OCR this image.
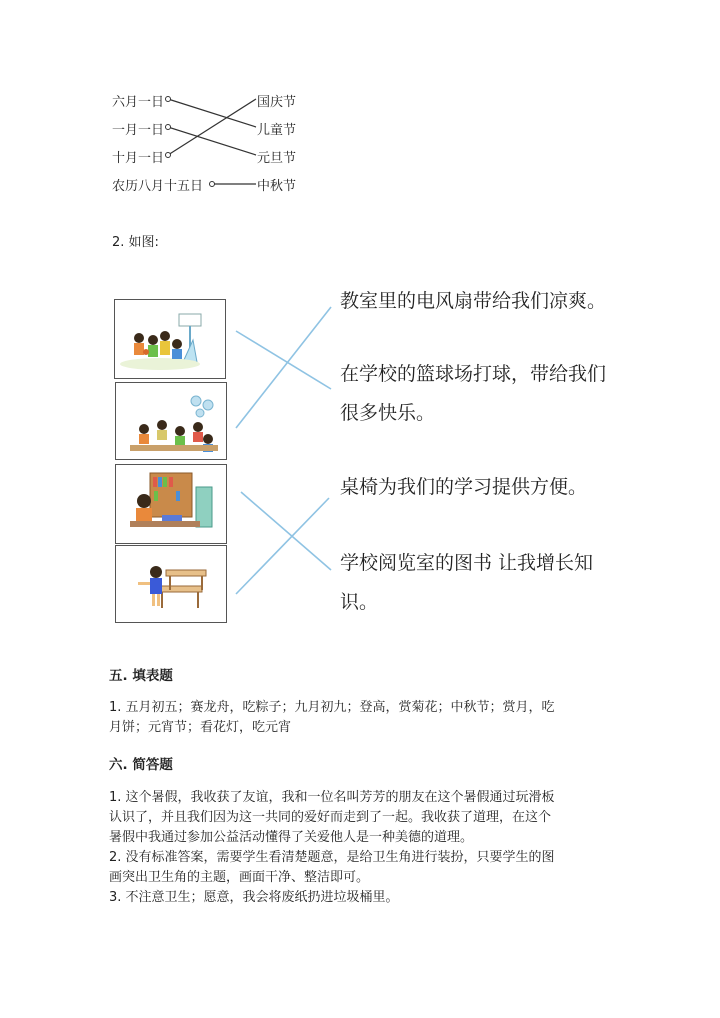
六月一日
一月一日
十月一日
农历八月十五日
国庆节
儿童节
元旦节
中秋节
2. 如图:
教室里的电风扇带给我们凉爽。
在学校的篮球场打球，带给我们
很多快乐。
桌椅为我们的学习提供方便。
学校阅览室的图书 让我增长知
识。
五. 填表题
1. 五月初五；赛龙舟，吃粽子；九月初九；登高，赏菊花；中秋节；赏月，吃
月饼；元宵节；看花灯，吃元宵
六. 简答题
1. 这个暑假，我收获了友谊，我和一位名叫芳芳的朋友在这个暑假通过玩滑板
认识了，并且我们因为这一共同的爱好而走到了一起。我收获了道理，在这个
暑假中我通过参加公益活动懂得了关爱他人是一种美德的道理。
2. 没有标准答案，需要学生看清楚题意，是给卫生角进行装扮，只要学生的图
画突出卫生角的主题，画面干净、整洁即可。
3. 不注意卫生；愿意，我会将废纸扔进垃圾桶里。
